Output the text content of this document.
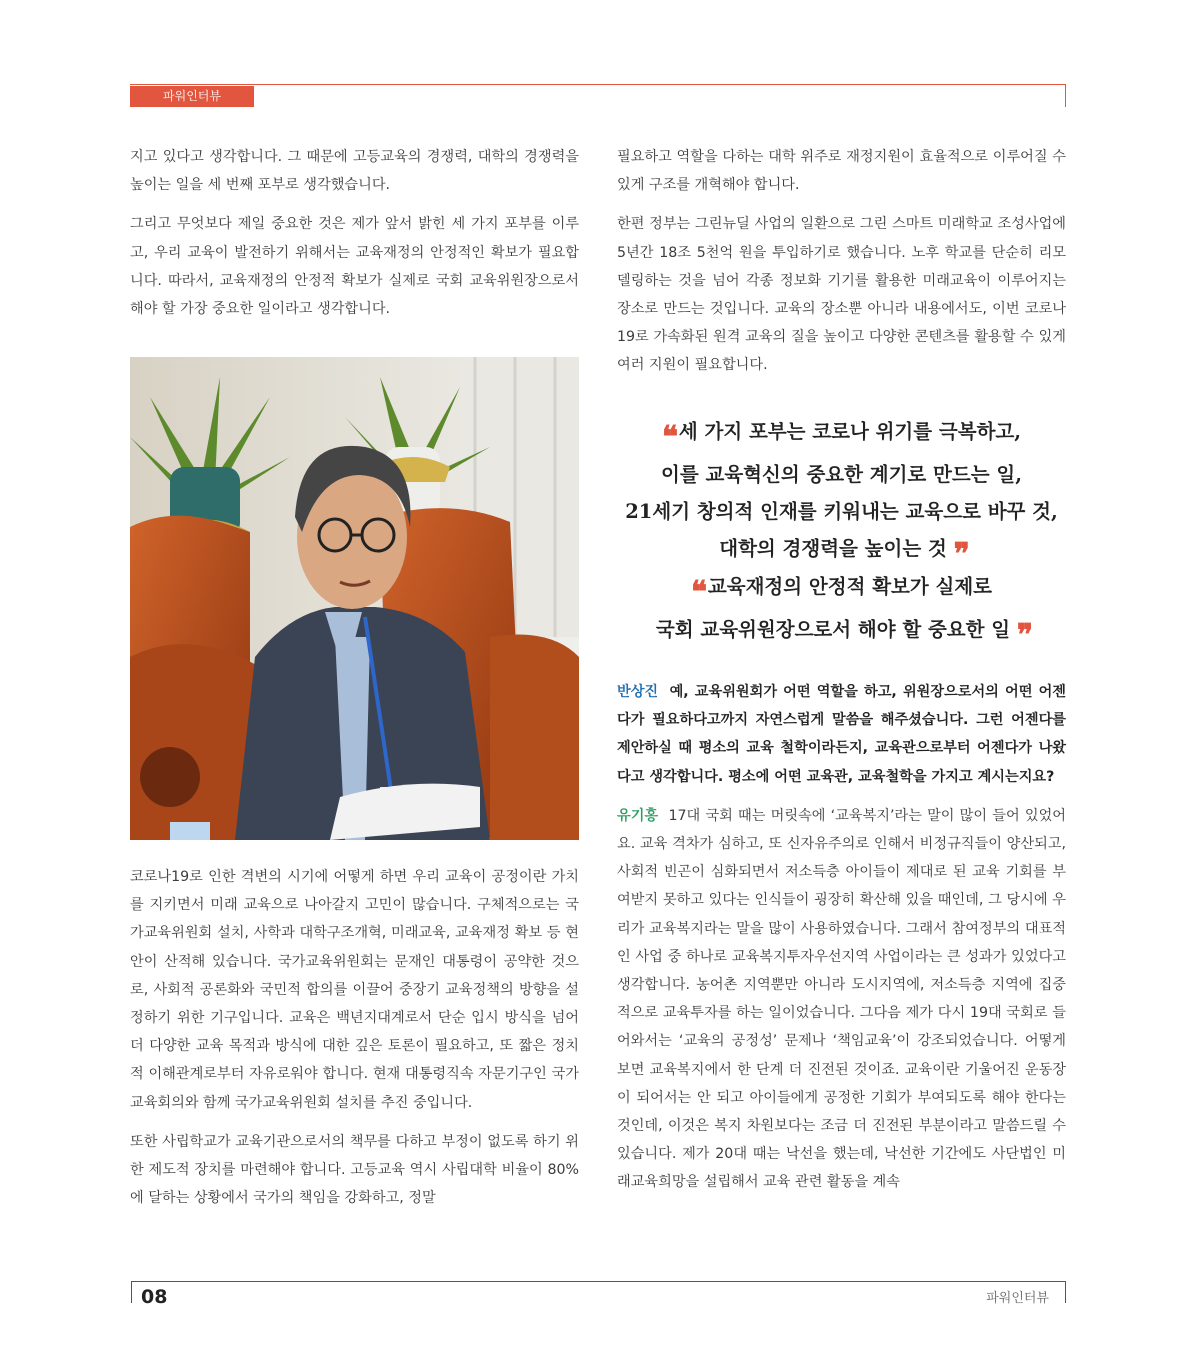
파워인터뷰

지고 있다고 생각합니다. 그 때문에 고등교육의 경쟁력, 대학의 경쟁력을 높이는 일을 세 번째 포부로 생각했습니다.

그리고 무엇보다 제일 중요한 것은 제가 앞서 밝힌 세 가지 포부를 이루고, 우리 교육이 발전하기 위해서는 교육재정의 안정적인 확보가 필요합니다. 따라서, 교육재정의 안정적 확보가 실제로 국회 교육위원장으로서 해야 할 가장 중요한 일이라고 생각합니다.

코로나19로 인한 격변의 시기에 어떻게 하면 우리 교육이 공정이란 가치를 지키면서 미래 교육으로 나아갈지 고민이 많습니다. 구체적으로는 국가교육위원회 설치, 사학과 대학구조개혁, 미래교육, 교육재정 확보 등 현안이 산적해 있습니다. 국가교육위원회는 문재인 대통령이 공약한 것으로, 사회적 공론화와 국민적 합의를 이끌어 중장기 교육정책의 방향을 설정하기 위한 기구입니다. 교육은 백년지대계로서 단순 입시 방식을 넘어 더 다양한 교육 목적과 방식에 대한 깊은 토론이 필요하고, 또 짧은 정치적 이해관계로부터 자유로워야 합니다. 현재 대통령직속 자문기구인 국가교육회의와 함께 국가교육위원회 설치를 추진 중입니다.

또한 사립학교가 교육기관으로서의 책무를 다하고 부정이 없도록 하기 위한 제도적 장치를 마련해야 합니다. 고등교육 역시 사립대학 비율이 80%에 달하는 상황에서 국가의 책임을 강화하고, 정말

필요하고 역할을 다하는 대학 위주로 재정지원이 효율적으로 이루어질 수 있게 구조를 개혁해야 합니다.

한편 정부는 그린뉴딜 사업의 일환으로 그린 스마트 미래학교 조성사업에 5년간 18조 5천억 원을 투입하기로 했습니다. 노후 학교를 단순히 리모델링하는 것을 넘어 각종 정보화 기기를 활용한 미래교육이 이루어지는 장소로 만드는 것입니다. 교육의 장소뿐 아니라 내용에서도, 이번 코로나19로 가속화된 원격 교육의 질을 높이고 다양한 콘텐츠를 활용할 수 있게 여러 지원이 필요합니다.

❝ 세 가지 포부는 코로나 위기를 극복하고,
이를 교육혁신의 중요한 계기로 만드는 일,
21세기 창의적 인재를 키워내는 교육으로 바꾸 것,
대학의 경쟁력을 높이는 것 ❞
❝ 교육재정의 안정적 확보가 실제로
국회 교육위원장으로서 해야 할 중요한 일 ❞

반상진 예, 교육위원회가 어떤 역할을 하고, 위원장으로서의 어떤 어젠다가 필요하다고까지 자연스럽게 말씀을 해주셨습니다. 그런 어젠다를 제안하실 때 평소의 교육 철학이라든지, 교육관으로부터 어젠다가 나왔다고 생각합니다. 평소에 어떤 교육관, 교육철학을 가지고 계시는지요?

유기홍 17대 국회 때는 머릿속에 ‘교육복지’라는 말이 많이 들어 있었어요. 교육 격차가 심하고, 또 신자유주의로 인해서 비정규직들이 양산되고, 사회적 빈곤이 심화되면서 저소득층 아이들이 제대로 된 교육 기회를 부여받지 못하고 있다는 인식들이 굉장히 확산해 있을 때인데, 그 당시에 우리가 교육복지라는 말을 많이 사용하였습니다. 그래서 참여정부의 대표적인 사업 중 하나로 교육복지투자우선지역 사업이라는 큰 성과가 있었다고 생각합니다. 농어촌 지역뿐만 아니라 도시지역에, 저소득층 지역에 집중적으로 교육투자를 하는 일이었습니다. 그다음 제가 다시 19대 국회로 들어와서는 ‘교육의 공정성’ 문제나 ‘책임교육’이 강조되었습니다. 어떻게 보면 교육복지에서 한 단계 더 진전된 것이죠. 교육이란 기울어진 운동장이 되어서는 안 되고 아이들에게 공정한 기회가 부여되도록 해야 한다는 것인데, 이것은 복지 차원보다는 조금 더 진전된 부분이라고 말씀드릴 수 있습니다. 제가 20대 때는 낙선을 했는데, 낙선한 기간에도 사단법인 미래교육희망을 설립해서 교육 관련 활동을 계속

08	파워인터뷰
